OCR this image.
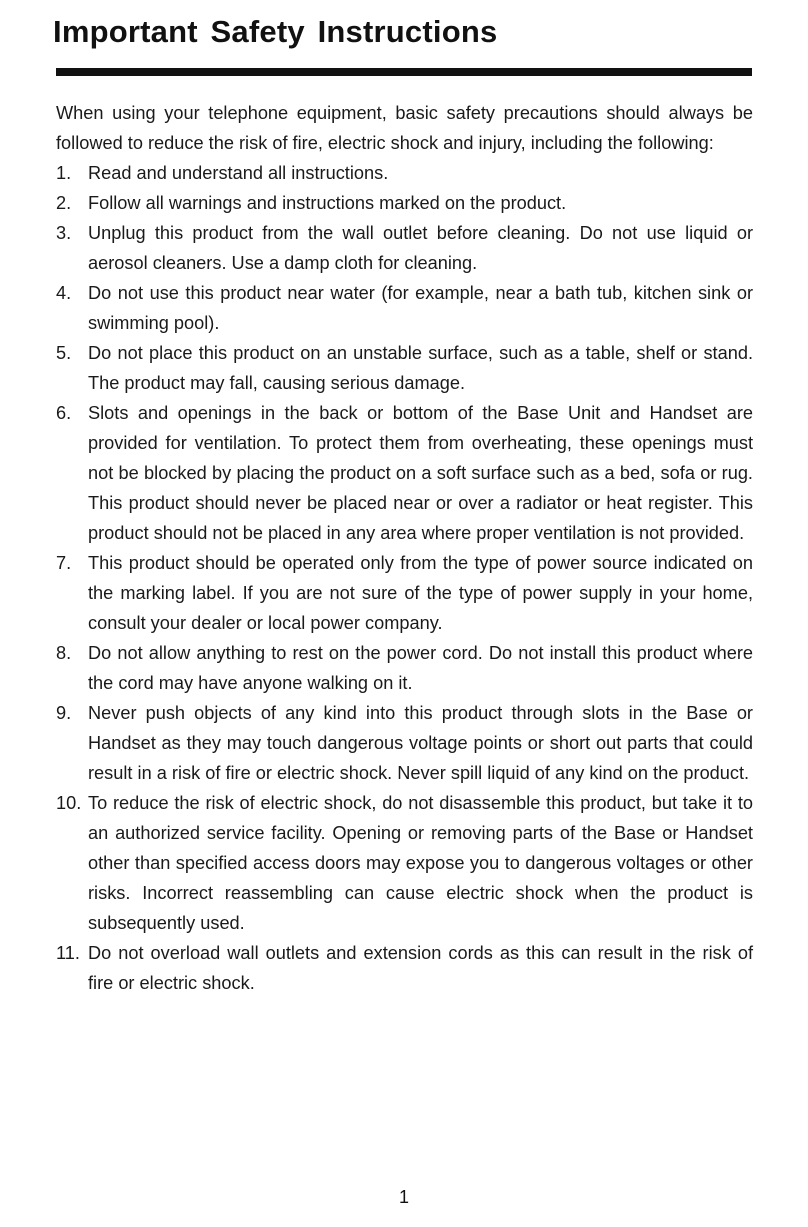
Important Safety Instructions

When using your telephone equipment, basic safety precautions should always be followed to reduce the risk of fire, electric shock and injury, including the following:

1. Read and understand all instructions.
2. Follow all warnings and instructions marked on the product.
3. Unplug this product from the wall outlet before cleaning. Do not use liquid or aerosol cleaners. Use a damp cloth for cleaning.
4. Do not use this product near water (for example, near a bath tub, kitchen sink or swimming pool).
5. Do not place this product on an unstable surface, such as a table, shelf or stand. The product may fall, causing serious damage.
6. Slots and openings in the back or bottom of the Base Unit and Handset are provided for ventilation. To protect them from overheating, these openings must not be blocked by placing the product on a soft surface such as a bed, sofa or rug. This product should never be placed near or over a radiator or heat register. This product should not be placed in any area where proper ventilation is not provided.
7. This product should be operated only from the type of power source indicated on the marking label. If you are not sure of the type of power supply in your home, consult your dealer or local power company.
8. Do not allow anything to rest on the power cord. Do not install this product where the cord may have anyone walking on it.
9. Never push objects of any kind into this product through slots in the Base or Handset as they may touch dangerous voltage points or short out parts that could result in a risk of fire or electric shock. Never spill liquid of any kind on the product.
10. To reduce the risk of electric shock, do not disassemble this product, but take it to an authorized service facility. Opening or removing parts of the Base or Handset other than specified access doors may expose you to dangerous voltages or other risks. Incorrect reassembling can cause electric shock when the product is subsequently used.
11. Do not overload wall outlets and extension cords as this can result in the risk of fire or electric shock.
1
